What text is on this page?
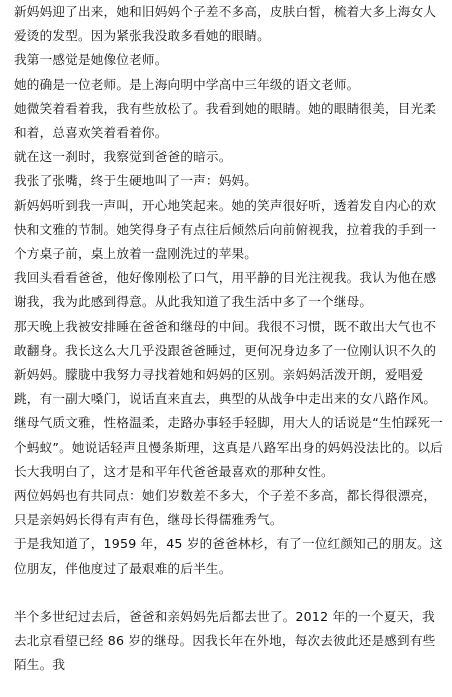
新妈妈迎了出来，她和旧妈妈个子差不多高，皮肤白皙，梳着大多上海女人爱烫的发型。因为紧张我没敢多看她的眼睛。

我第一感觉是她像位老师。

她的确是一位老师。是上海向明中学高中三年级的语文老师。

她微笑着看着我，我有些放松了。我看到她的眼睛。她的眼睛很美，目光柔和着，总喜欢笑着看着你。

就在这一刹时，我察觉到爸爸的暗示。

我张了张嘴，终于生硬地叫了一声：妈妈。

新妈妈听到我一声叫，开心地笑起来。她的笑声很好听，透着发自内心的欢快和文雅的节制。她笑得身子有点往后倾然后向前俯视我，拉着我的手到一个方桌子前，桌上放着一盘刚洗过的苹果。

我回头看看爸爸，他好像刚松了口气，用平静的目光注视我。我认为他在感谢我，我为此感到得意。从此我知道了我生活中多了一个继母。

那天晚上我被安排睡在爸爸和继母的中间。我很不习惯，既不敢出大气也不敢翻身。我长这么大几乎没跟爸爸睡过，更何况身边多了一位刚认识不久的新妈妈。朦胧中我努力寻找着她和妈妈的区别。亲妈妈活泼开朗，爱唱爱跳，有一副大嗓门，说话直来直去，典型的从战争中走出来的女八路作风。继母气质文雅，性格温柔，走路办事轻手轻脚，用大人的话说是“生怕踩死一个蚂蚁”。她说话轻声且慢条斯理，这真是八路军出身的妈妈没法比的。以后长大我明白了，这才是和平年代爸爸最喜欢的那种女性。

两位妈妈也有共同点：她们岁数差不多大，个子差不多高，都长得很漂亮，只是亲妈妈长得有声有色，继母长得儒雅秀气。

于是我知道了，1959 年，45 岁的爸爸林杉，有了一位红颜知己的朋友。这位朋友，伴他度过了最艰难的后半生。

半个多世纪过去后，爸爸和亲妈妈先后都去世了。2012 年的一个夏天，我去北京看望已经 86 岁的继母。因我长年在外地，每次去彼此还是感到有些陌生。我
